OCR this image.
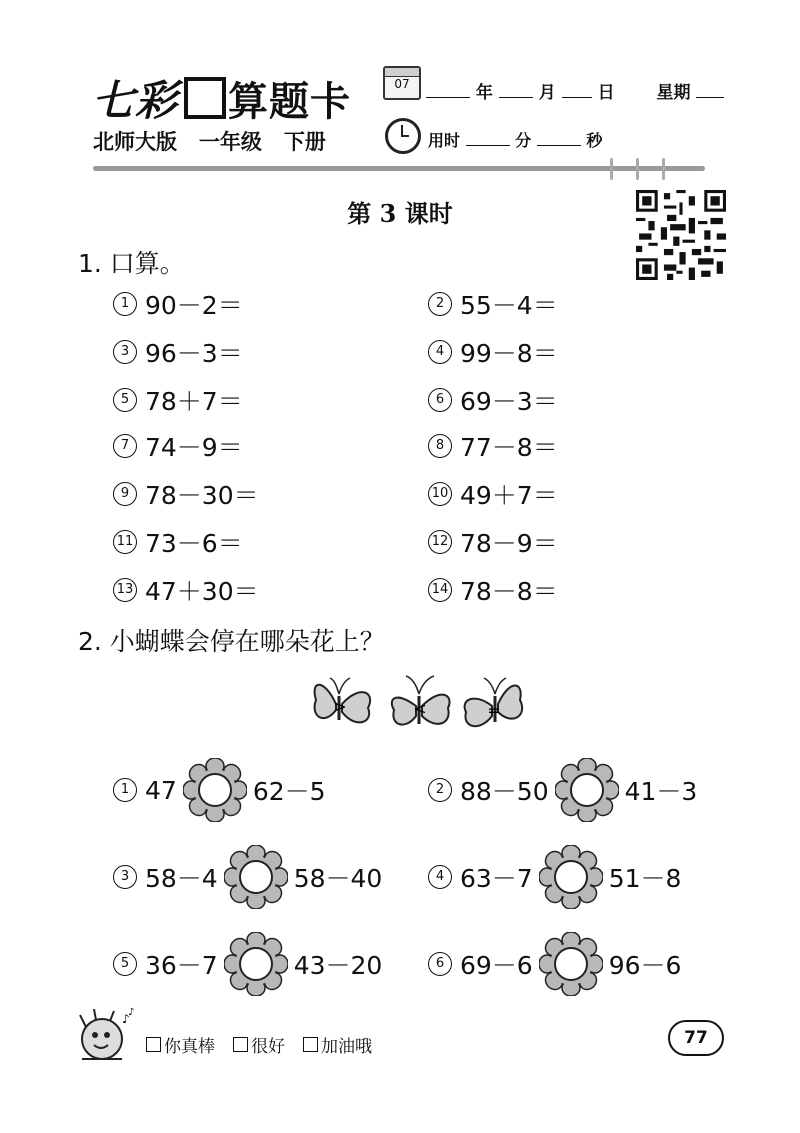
七彩 算题卡	07	年	月 日 星期
北师大版   一年级   下册	用时	分	秒
第 3 课时
1. 口算。
1 90－2＝	2 55－4＝
3 96－3＝	4 99－8＝
5 78＋7＝	6 69－3＝
7 74－9＝	8 77－8＝
9 78－30＝	10 49＋7＝
11 73－6＝	12 78－9＝
13 47＋30＝	14 78－8＝
2. 小蝴蝶会停在哪朵花上？
>	<	=
1 47	62－5	2 88－50	41－3
3 58－4	58－40	4 63－7	51－8
5 36－7	43－20	6 69－6	96－6
♪
♪
你真棒 很好 加油哦	77
